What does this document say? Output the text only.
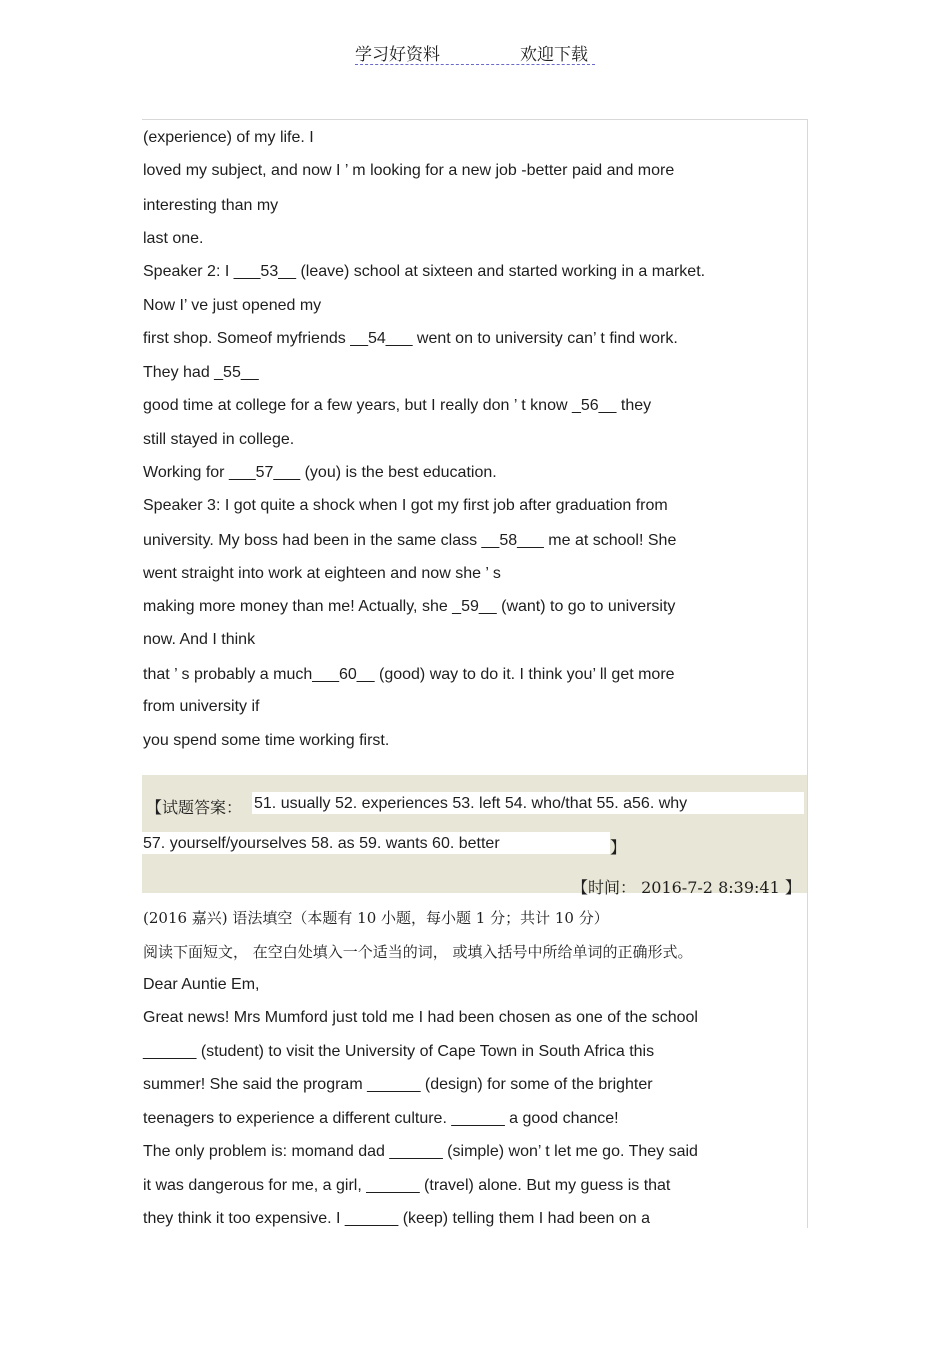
学习好资料	欢迎下载
(experience) of my life. I
loved my subject, and now I ’ m looking for a new job -better paid and more
interesting than my
last one.
Speaker 2: I ___53__ (leave) school at sixteen and started working in a market.
Now I’ ve just opened my
first shop. Someof myfriends __54___ went on to university can’ t find work.
They had _55__
good time at college for a few years, but I really don ’ t know _56__ they
still stayed in college.
Working for ___57___ (you) is the best education.
Speaker 3: I got quite a shock when I got my first job after graduation from
university. My boss had been in the same class __58___ me at school! She
went straight into work at eighteen and now she ’ s
making more money than me! Actually, she _59__ (want) to go to university
now. And I think
that ’ s probably a much___60__ (good) way to do it. I think you’ ll get more
from university if
you spend some time working first.
【试题答案： 51. usually 52. experiences 53. left 54. who/that 55. a56. why
57. yourself/yourselves 58. as 59. wants 60. better	】
【时间： 2016-7-2 8:39:41 】
(2016 嘉兴) 语法填空（本题有 10 小题，每小题 1 分；共计 10 分）
阅读下面短文， 在空白处填入一个适当的词， 或填入括号中所给单词的正确形式。
Dear Auntie Em,
Great news! Mrs Mumford just told me I had been chosen as one of the school
______ (student) to visit the University of Cape Town in South Africa this
summer! She said the program ______ (design) for some of the brighter
teenagers to experience a different culture. ______ a good chance!
The only problem is: momand dad ______ (simple) won’ t let me go. They said
it was dangerous for me, a girl, ______ (travel) alone. But my guess is that
they think it too expensive. I ______ (keep) telling them I had been on a
